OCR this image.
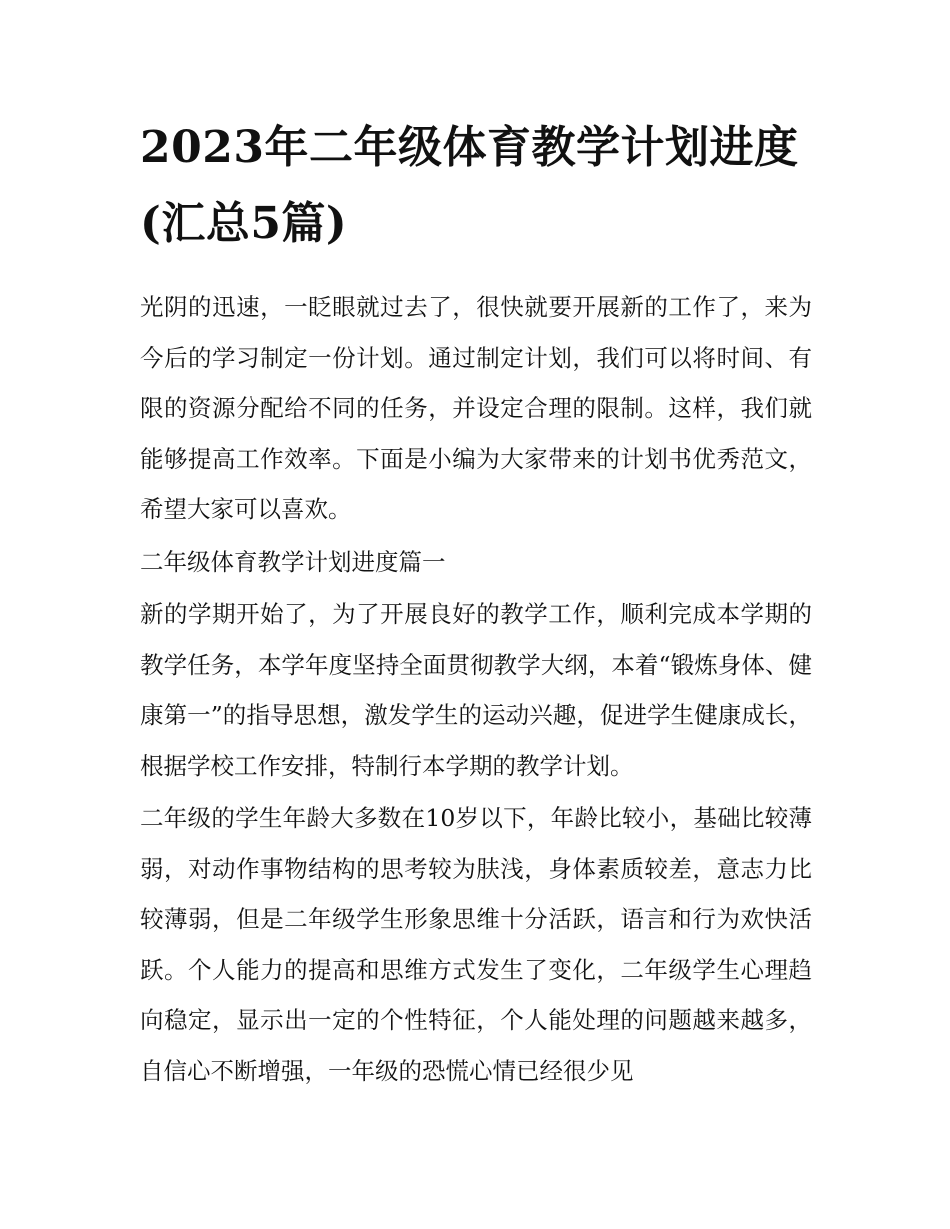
2023年二年级体育教学计划进度(汇总5篇)

光阴的迅速，一眨眼就过去了，很快就要开展新的工作了，来为今后的学习制定一份计划。通过制定计划，我们可以将时间、有限的资源分配给不同的任务，并设定合理的限制。这样，我们就能够提高工作效率。下面是小编为大家带来的计划书优秀范文，希望大家可以喜欢。

二年级体育教学计划进度篇一

新的学期开始了，为了开展良好的教学工作，顺利完成本学期的教学任务，本学年度坚持全面贯彻教学大纲，本着“锻炼身体、健康第一”的指导思想，激发学生的运动兴趣，促进学生健康成长，根据学校工作安排，特制行本学期的教学计划。

二年级的学生年龄大多数在10岁以下，年龄比较小，基础比较薄弱，对动作事物结构的思考较为肤浅，身体素质较差，意志力比较薄弱，但是二年级学生形象思维十分活跃，语言和行为欢快活跃。个人能力的提高和思维方式发生了变化，二年级学生心理趋向稳定，显示出一定的个性特征，个人能处理的问题越来越多，自信心不断增强，一年级的恐慌心情已经很少见
